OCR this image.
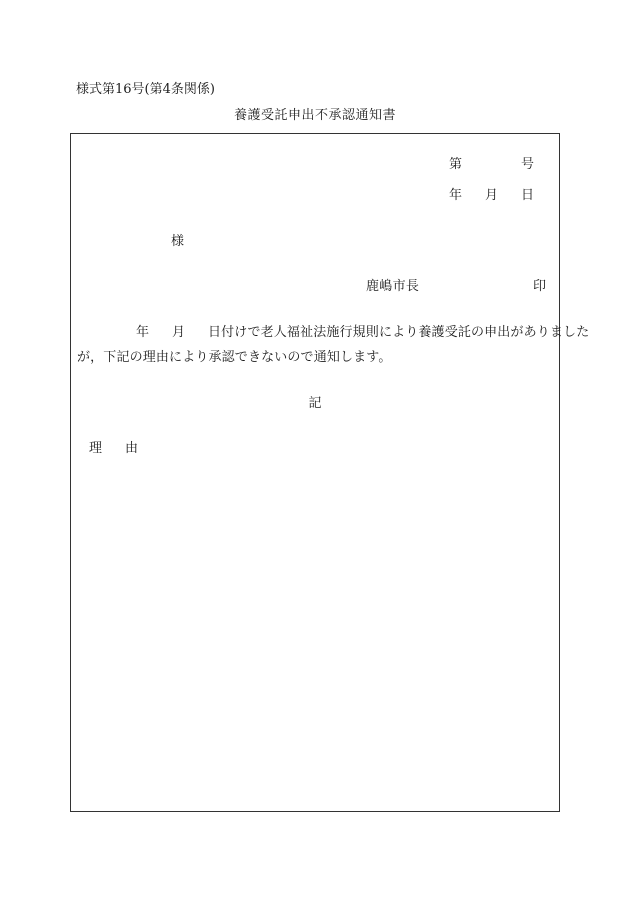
様式第16号(第4条関係)
養護受託申出不承認通知書
第	号
年 月 日
様
鹿嶋市長	印
年 月 日付けで老人福祉法施行規則により養護受託の申出がありました
が，下記の理由により承認できないので通知します。
記
理 由
